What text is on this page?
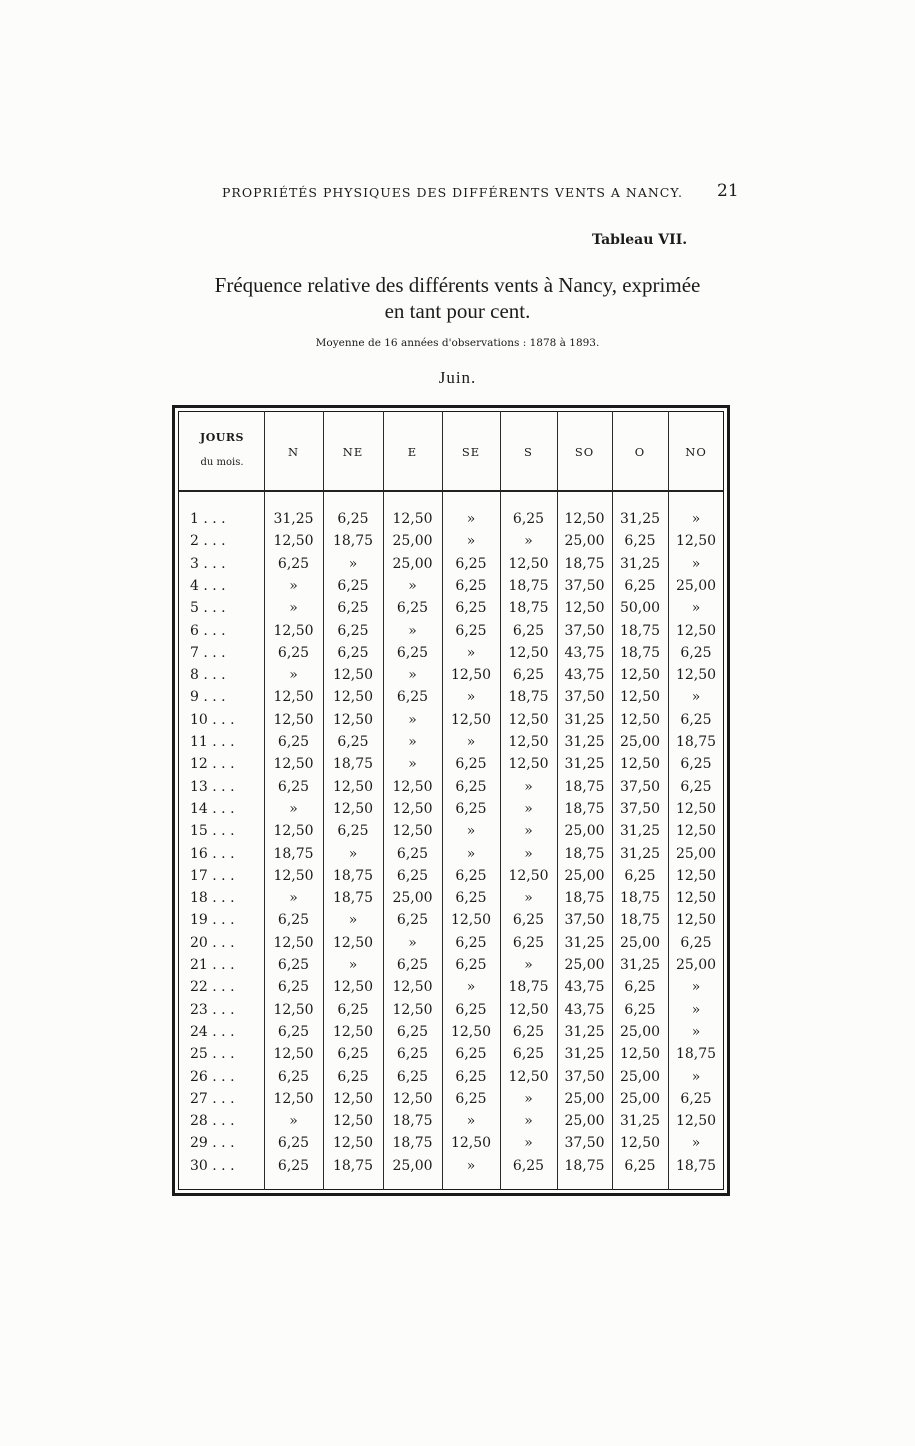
PROPRIÉTÉS PHYSIQUES DES DIFFÉRENTS VENTS A NANCY. 21
Tableau VII.
Fréquence relative des différents vents à Nancy, exprimée
en tant pour cent.
Moyenne de 16 années d'observations : 1878 à 1893.
Juin.
JOURS
du mois.
N	NE	E	SE	S	SO	O	NO
1 . . .	31,25	6,25	12,50	»	6,25	12,50	31,25	»
2 . . .	12,50	18,75	25,00	»	»	25,00	6,25	12,50
3 . . .	6,25	»	25,00	6,25	12,50	18,75	31,25	»
4 . . .	»	6,25	»	6,25	18,75	37,50	6,25	25,00
5 . . .	»	6,25	6,25	6,25	18,75	12,50	50,00	»
6 . . .	12,50	6,25	»	6,25	6,25	37,50	18,75	12,50
7 . . .	6,25	6,25	6,25	»	12,50	43,75	18,75	6,25
8 . . .	»	12,50	»	12,50	6,25	43,75	12,50	12,50
9 . . .	12,50	12,50	6,25	»	18,75	37,50	12,50	»
10 . . .	12,50	12,50	»	12,50	12,50	31,25	12,50	6,25
11 . . .	6,25	6,25	»	»	12,50	31,25	25,00	18,75
12 . . .	12,50	18,75	»	6,25	12,50	31,25	12,50	6,25
13 . . .	6,25	12,50	12,50	6,25	»	18,75	37,50	6,25
14 . . .	»	12,50	12,50	6,25	»	18,75	37,50	12,50
15 . . .	12,50	6,25	12,50	»	»	25,00	31,25	12,50
16 . . .	18,75	»	6,25	»	»	18,75	31,25	25,00
17 . . .	12,50	18,75	6,25	6,25	12,50	25,00	6,25	12,50
18 . . .	»	18,75	25,00	6,25	»	18,75	18,75	12,50
19 . . .	6,25	»	6,25	12,50	6,25	37,50	18,75	12,50
20 . . .	12,50	12,50	»	6,25	6,25	31,25	25,00	6,25
21 . . .	6,25	»	6,25	6,25	»	25,00	31,25	25,00
22 . . .	6,25	12,50	12,50	»	18,75	43,75	6,25	»
23 . . .	12,50	6,25	12,50	6,25	12,50	43,75	6,25	»
24 . . .	6,25	12,50	6,25	12,50	6,25	31,25	25,00	»
25 . . .	12,50	6,25	6,25	6,25	6,25	31,25	12,50	18,75
26 . . .	6,25	6,25	6,25	6,25	12,50	37,50	25,00	»
27 . . .	12,50	12,50	12,50	6,25	»	25,00	25,00	6,25
28 . . .	»	12,50	18,75	»	»	25,00	31,25	12,50
29 . . .	6,25	12,50	18,75	12,50	»	37,50	12,50	»
30 . . .	6,25	18,75	25,00	»	6,25	18,75	6,25	18,75
